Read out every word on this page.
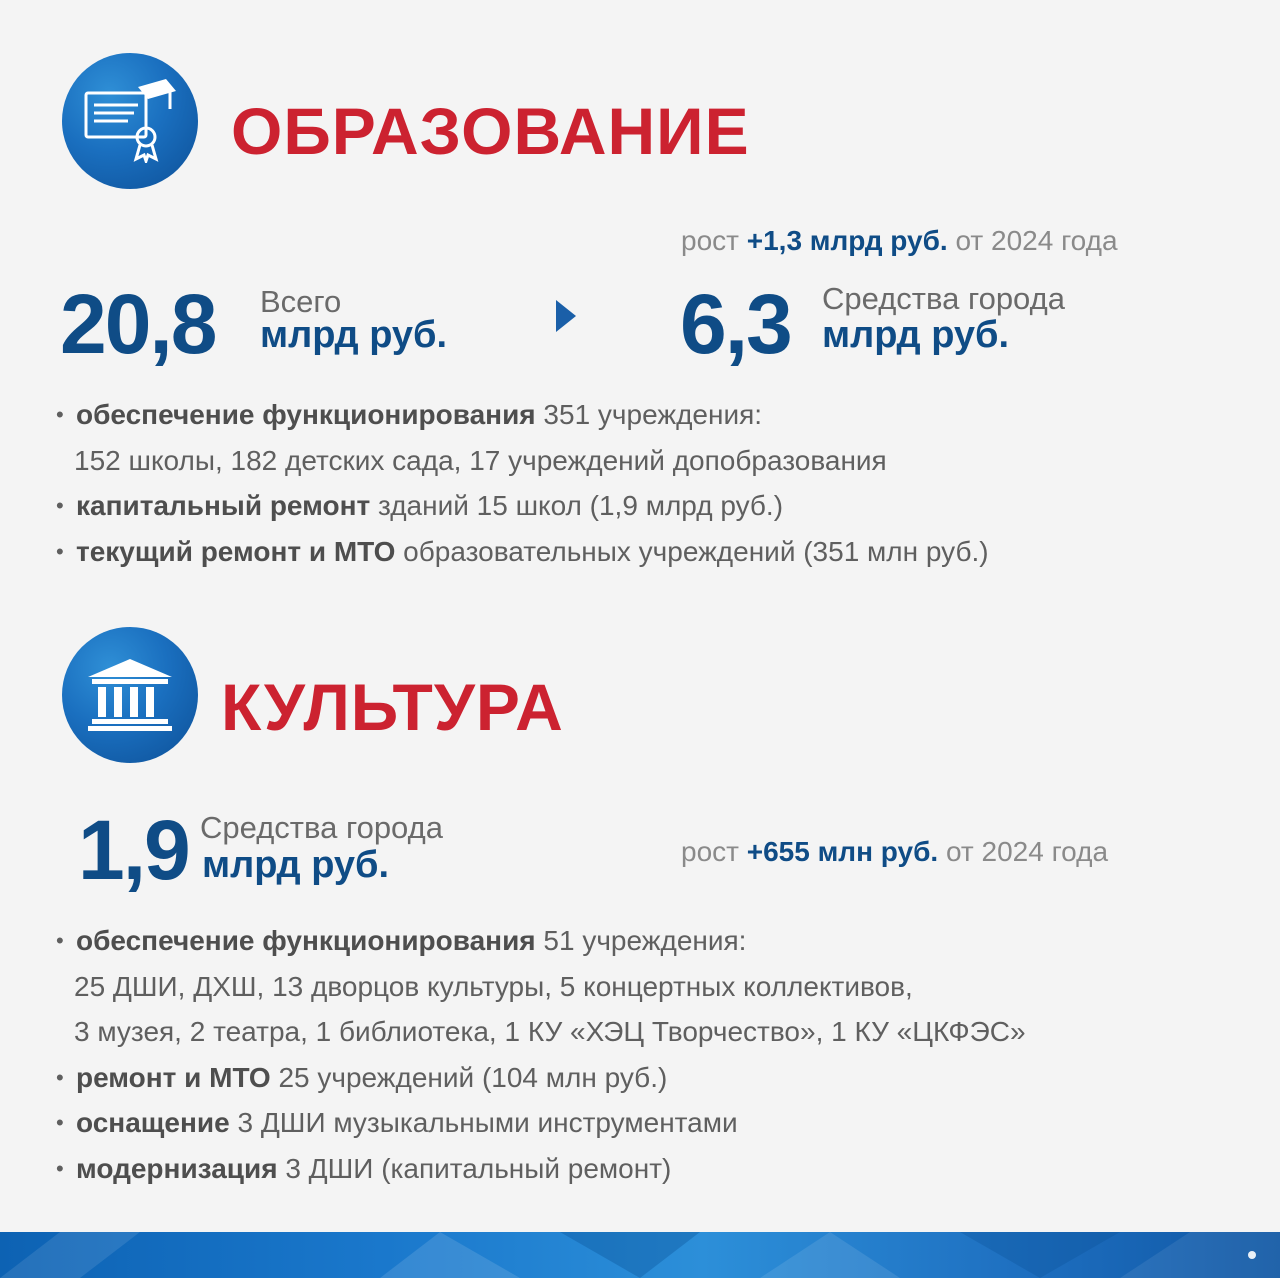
ОБРАЗОВАНИЕ
рост +1,3 млрд руб. от 2024 года
20,8 Всего
млрд руб.	6,3 Средства города
млрд руб.
• обеспечение функционирования 351 учреждения:
152 школы, 182 детских сада, 17 учреждений допобразования
• капитальный ремонт зданий 15 школ (1,9 млрд руб.)
• текущий ремонт и МТО образовательных учреждений (351 млн руб.)
КУЛЬТУРА
1,9 Средства города
млрд руб.	рост +655 млн руб. от 2024 года
• обеспечение функционирования 51 учреждения:
25 ДШИ, ДХШ, 13 дворцов культуры, 5 концертных коллективов,
3 музея, 2 театра, 1 библиотека, 1 КУ «ХЭЦ Творчество», 1 КУ «ЦКФЭС»
• ремонт и МТО 25 учреждений (104 млн руб.)
• оснащение 3 ДШИ музыкальными инструментами
• модернизация 3 ДШИ (капитальный ремонт)
